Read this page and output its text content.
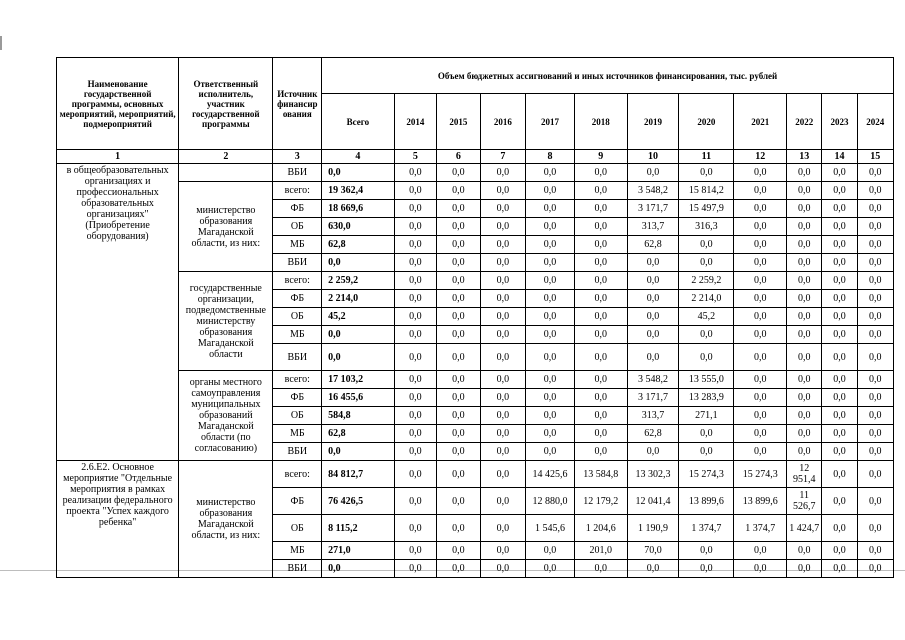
Наименование государственной программы, основных мероприятий, мероприятий, подмероприятий	Ответственный исполнитель, участник государственной программы	Источник финансирования	Объем бюджетных ассигнований и иных источников финансирования, тыс. рублей											
			Всего	2014	2015	2016	2017	2018	2019	2020	2021	2022	2023	2024
1	2	3	4	5	6	7	8	9	10	11	12	13	14	15
в общеобразовательных организациях и профессиональных образовательных организациях" (Приобретение оборудования)		ВБИ	0,0	0,0	0,0	0,0	0,0	0,0	0,0	0,0	0,0	0,0	0,0	0,0
	министерство образования Магаданской области, из них:	всего:	19 362,4	0,0	0,0	0,0	0,0	0,0	3 548,2	15 814,2	0,0	0,0	0,0	0,0
		ФБ	18 669,6	0,0	0,0	0,0	0,0	0,0	3 171,7	15 497,9	0,0	0,0	0,0	0,0
		ОБ	630,0	0,0	0,0	0,0	0,0	0,0	313,7	316,3	0,0	0,0	0,0	0,0
		МБ	62,8	0,0	0,0	0,0	0,0	0,0	62,8	0,0	0,0	0,0	0,0	0,0
		ВБИ	0,0	0,0	0,0	0,0	0,0	0,0	0,0	0,0	0,0	0,0	0,0	0,0
	государственные организации, подведомственные министерству образования Магаданской области	всего:	2 259,2	0,0	0,0	0,0	0,0	0,0	0,0	2 259,2	0,0	0,0	0,0	0,0
		ФБ	2 214,0	0,0	0,0	0,0	0,0	0,0	0,0	2 214,0	0,0	0,0	0,0	0,0
		ОБ	45,2	0,0	0,0	0,0	0,0	0,0	0,0	45,2	0,0	0,0	0,0	0,0
		МБ	0,0	0,0	0,0	0,0	0,0	0,0	0,0	0,0	0,0	0,0	0,0	0,0
		ВБИ	0,0	0,0	0,0	0,0	0,0	0,0	0,0	0,0	0,0	0,0	0,0	0,0
	органы местного самоуправления муниципальных образований Магаданской области (по согласованию)	всего:	17 103,2	0,0	0,0	0,0	0,0	0,0	3 548,2	13 555,0	0,0	0,0	0,0	0,0
		ФБ	16 455,6	0,0	0,0	0,0	0,0	0,0	3 171,7	13 283,9	0,0	0,0	0,0	0,0
		ОБ	584,8	0,0	0,0	0,0	0,0	0,0	313,7	271,1	0,0	0,0	0,0	0,0
		МБ	62,8	0,0	0,0	0,0	0,0	0,0	62,8	0,0	0,0	0,0	0,0	0,0
		ВБИ	0,0	0,0	0,0	0,0	0,0	0,0	0,0	0,0	0,0	0,0	0,0	0,0
2.6.Е2. Основное мероприятие "Отдельные мероприятия в рамках реализации федерального проекта "Успех каждого ребенка"	министерство образования Магаданской области, из них:	всего:	84 812,7	0,0	0,0	0,0	14 425,6	13 584,8	13 302,3	15 274,3	15 274,3	12 951,4	0,0	0,0
		ФБ	76 426,5	0,0	0,0	0,0	12 880,0	12 179,2	12 041,4	13 899,6	13 899,6	11 526,7	0,0	0,0
		ОБ	8 115,2	0,0	0,0	0,0	1 545,6	1 204,6	1 190,9	1 374,7	1 374,7	1 424,7	0,0	0,0
		МБ	271,0	0,0	0,0	0,0	0,0	201,0	70,0	0,0	0,0	0,0	0,0	0,0
		ВБИ	0,0	0,0	0,0	0,0	0,0	0,0	0,0	0,0	0,0	0,0	0,0	0,0
